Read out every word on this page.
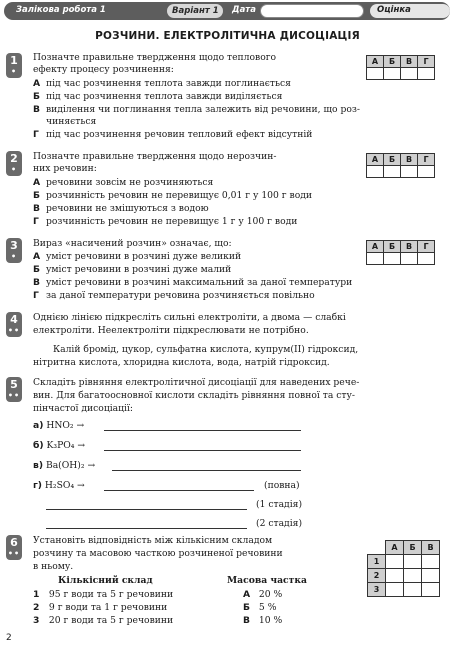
Залікова робота 1	Варіант 1 Дата	Оцінка
РОЗЧИНИ. ЕЛЕКТРОЛІТИЧНА ДИСОЦІАЦІЯ
1
•
Позначте правильне твердження щодо теплового
ефекту процесу розчинення:
А	Б	В	Г

А під час розчинення теплота завжди поглинається
Б під час розчинення теплота завжди виділяється
В виділення чи поглинання тепла залежить від речовини, що роз-
чиняється
Г під час розчинення речовин тепловий ефект відсутній
2
•
Позначте правильне твердження щодо нерозчин-
них речовин:
А	Б	В	Г

А речовини зовсім не розчиняються
Б розчинність речовин не перевищує 0,01 г у 100 г води
В речовини не змішуються з водою
Г розчинність речовин не перевищує 1 г у 100 г води
3
•
Вираз «насичений розчин» означає, що:	А	Б	В	Г

А уміст речовини в розчині дуже великий
Б уміст речовини в розчині дуже малий
В уміст речовини в розчині максимальний за даної температури
Г за даної температури речовина розчиняється повільно
4
••
Однією лінією підкресліть сильні електроліти, а двома — слабкі
електроліти. Неелектроліти підкреслювати не потрібно.
Калій бромід, цукор, сульфатна кислота, купрум(ІІ) гідроксид,
нітритна кислота, хлоридна кислота, вода, натрій гідроксид.
5
••
Складіть рівняння електролітичної дисоціації для наведених рече-
вин. Для багатоосновної кислоти складіть рівняння повної та сту-
пінчастої дисоціації:
а) HNO₂ →
б) K₃PO₄ →
в) Ba(OH)₂ →
г) H₂SO₄ →	(повна)
(1 стадія)
(2 стадія)
6
••
Установіть відповідність між кількісним складом
розчину та масовою часткою розчиненої речовини
в ньому.
Кількісний склад	Масова частка
1 95 г води та 5 г речовини
2 9 г води та 1 г речовини
3 20 г води та 5 г речовини
А 20 %
Б 5 %
В 10 %
	А	Б	В
1			
2			
3			
2
